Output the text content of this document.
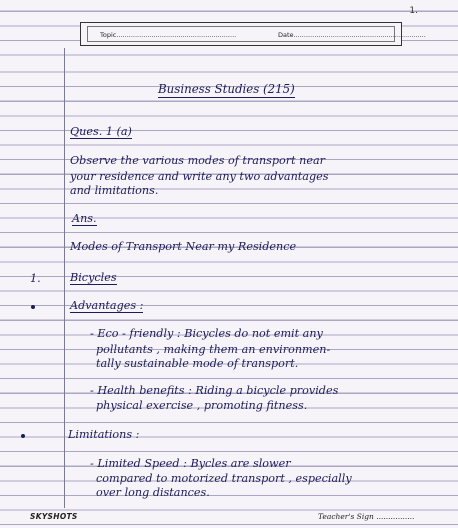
1.
Topic..........................................................	Date................................................................
Business Studies (215)
Ques. 1 (a)
Observe the various modes of transport near
your residence and write any two advantages
and limitations.
Ans.
Modes of Transport Near my Residence
1.	Bicycles
Advantages :
- Eco - friendly : Bicycles do not emit any
pollutants , making them an environmen-
tally sustainable mode of transport.
- Health benefits : Riding a bicycle provides
physical exercise , promoting fitness.
Limitations :
- Limited Speed : Bycles are slower
compared to motorized transport , especially
over long distances.
SKYSHOTS	Teacher's Sign ................
